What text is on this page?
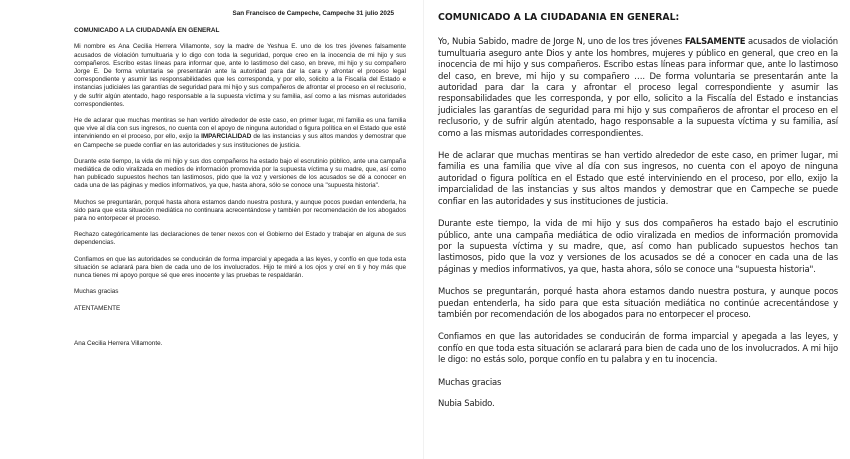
San Francisco de Campeche, Campeche 31 julio 2025

COMUNICADO A LA CIUDADANÍA EN GENERAL

Mi nombre es Ana Cecilia Herrera Villamonte, soy la madre de Yeshua E. uno de los tres jóvenes falsamente acusados de violación tumultuaria y lo digo con toda la seguridad, porque creo en la inocencia de mi hijo y sus compañeros. Escribo estas líneas para informar que, ante lo lastimoso del caso, en breve, mi hijo y su compañero Jorge E. De forma voluntaria se presentarán ante la autoridad para dar la cara y afrontar el proceso legal correspondiente y asumir las responsabilidades que les corresponda, y por ello, solicito a la Fiscalía del Estado e instancias judiciales las garantías de seguridad para mi hijo y sus compañeros de afrontar el proceso en el reclusorio, y de sufrir algún atentado, hago responsable a la supuesta víctima y su familia, así como a las mismas autoridades correspondientes.

He de aclarar que muchas mentiras se han vertido alrededor de este caso, en primer lugar, mi familia es una familia que vive al día con sus ingresos, no cuenta con el apoyo de ninguna autoridad o figura política en el Estado que esté interviniendo en el proceso, por ello, exijo la IMPARCIALIDAD de las instancias y sus altos mandos y demostrar que en Campeche se puede confiar en las autoridades y sus instituciones de justicia.

Durante este tiempo, la vida de mi hijo y sus dos compañeros ha estado bajo el escrutinio público, ante una campaña mediática de odio viralizada en medios de información promovida por la supuesta víctima y su madre, que, así como han publicado supuestos hechos tan lastimosos, pido que la voz y versiones de los acusados se dé a conocer en cada una de las páginas y medios informativos, ya que, hasta ahora, sólo se conoce una "supuesta historia".

Muchos se preguntarán, porqué hasta ahora estamos dando nuestra postura, y aunque pocos puedan entenderla, ha sido para que esta situación mediática no continuara acrecentándose y también por recomendación de los abogados para no entorpecer el proceso.

Rechazo categóricamente las declaraciones de tener nexos con el Gobierno del Estado y trabajar en alguna de sus dependencias.

Confiamos en que las autoridades se conducirán de forma imparcial y apegada a las leyes, y confío en que toda esta situación se aclarará para bien de cada uno de los involucrados. Hijo te miré a los ojos y creí en ti y hoy más que nunca tienes mi apoyo porque sé que eres inocente y las pruebas te respaldarán.

Muchas gracias

ATENTAMENTE

Ana Cecilia Herrera Villamonte.

COMUNICADO A LA CIUDADANIA EN GENERAL:

Yo, Nubia Sabido, madre de Jorge N, uno de los tres jóvenes FALSAMENTE acusados de violación tumultuaria aseguro ante Dios y ante los hombres, mujeres y público en general, que creo en la inocencia de mi hijo y sus compañeros. Escribo estas líneas para informar que, ante lo lastimoso del caso, en breve, mi hijo y su compañero …. De forma voluntaria se presentarán ante la autoridad para dar la cara y afrontar el proceso legal correspondiente y asumir las responsabilidades que les corresponda, y por ello, solicito a la Fiscalía del Estado e instancias judiciales las garantías de seguridad para mi hijo y sus compañeros de afrontar el proceso en el reclusorio, y de sufrir algún atentado, hago responsable a la supuesta víctima y su familia, así como a las mismas autoridades correspondientes.

He de aclarar que muchas mentiras se han vertido alrededor de este caso, en primer lugar, mi familia es una familia que vive al día con sus ingresos, no cuenta con el apoyo de ninguna autoridad o figura política en el Estado que esté interviniendo en el proceso, por ello, exijo la imparcialidad de las instancias y sus altos mandos y demostrar que en Campeche se puede confiar en las autoridades y sus instituciones de justicia.

Durante este tiempo, la vida de mi hijo y sus dos compañeros ha estado bajo el escrutinio público, ante una campaña mediática de odio viralizada en medios de información promovida por la supuesta víctima y su madre, que, así como han publicado supuestos hechos tan lastimosos, pido que la voz y versiones de los acusados se dé a conocer en cada una de las páginas y medios informativos, ya que, hasta ahora, sólo se conoce una "supuesta historia".

Muchos se preguntarán, porqué hasta ahora estamos dando nuestra postura, y aunque pocos puedan entenderla, ha sido para que esta situación mediática no continúe acrecentándose y también por recomendación de los abogados para no entorpecer el proceso.

Confiamos en que las autoridades se conducirán de forma imparcial y apegada a las leyes, y confío en que toda esta situación se aclarará para bien de cada uno de los involucrados. A mi hijo le digo: no estás solo, porque confío en tu palabra y en tu inocencia.

Muchas gracias

Nubia Sabido.
